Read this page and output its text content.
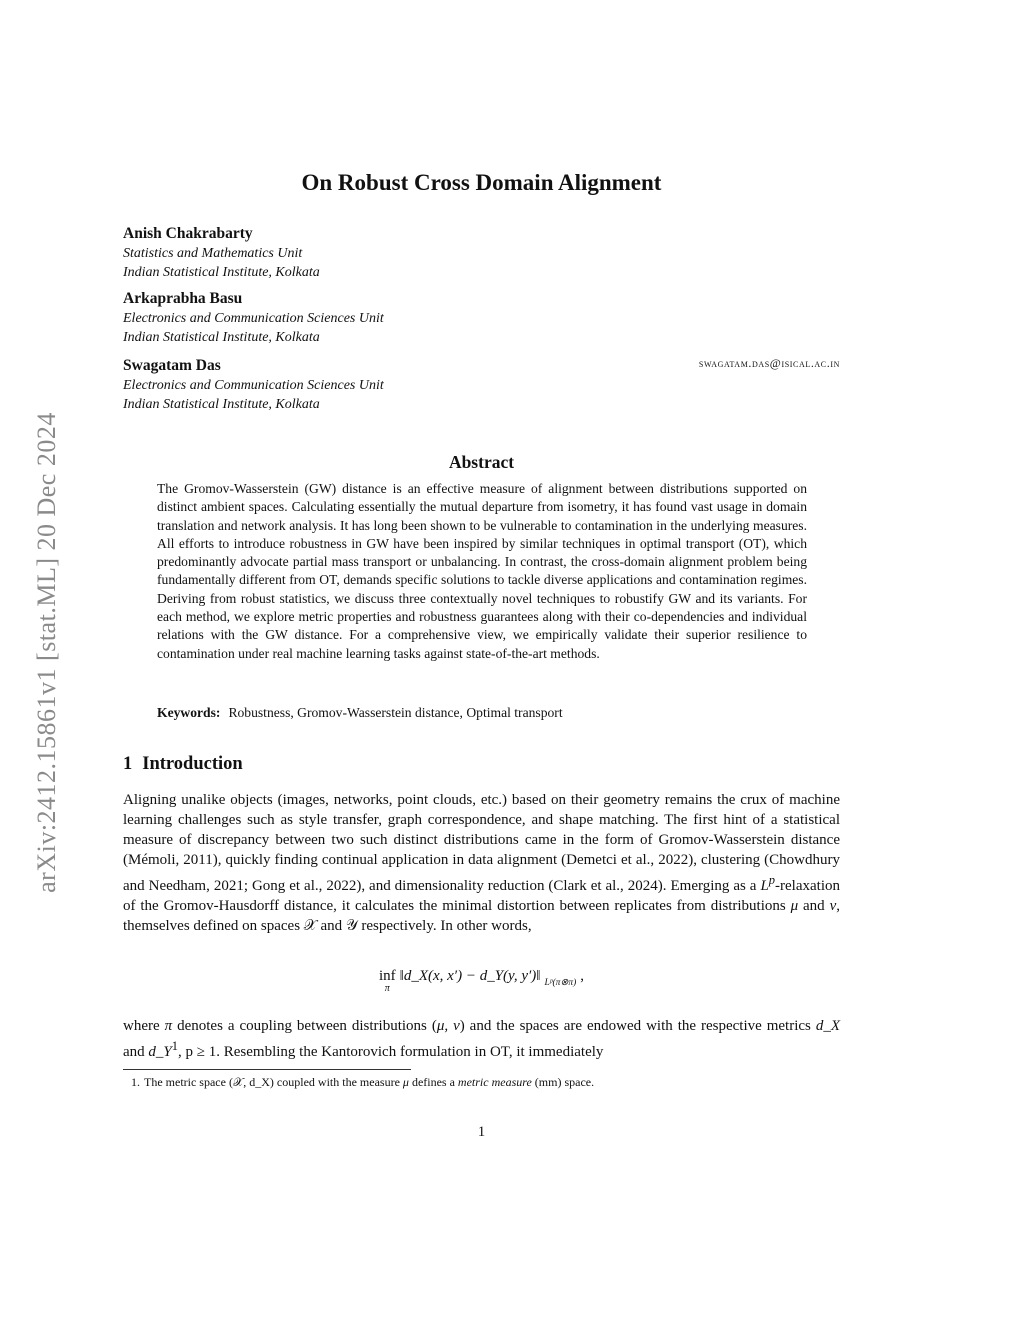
arXiv:2412.15861v1 [stat.ML] 20 Dec 2024
On Robust Cross Domain Alignment
Anish Chakrabarty
Statistics and Mathematics Unit
Indian Statistical Institute, Kolkata
Arkaprabha Basu
Electronics and Communication Sciences Unit
Indian Statistical Institute, Kolkata
Swagatam Das
Electronics and Communication Sciences Unit
Indian Statistical Institute, Kolkata
swagatam.das@isical.ac.in
Abstract

The Gromov-Wasserstein (GW) distance is an effective measure of alignment between distributions supported on distinct ambient spaces. Calculating essentially the mutual departure from isometry, it has found vast usage in domain translation and network analysis. It has long been shown to be vulnerable to contamination in the underlying measures. All efforts to introduce robustness in GW have been inspired by similar techniques in optimal transport (OT), which predominantly advocate partial mass transport or unbalancing. In contrast, the cross-domain alignment problem being fundamentally different from OT, demands specific solutions to tackle diverse applications and contamination regimes. Deriving from robust statistics, we discuss three contextually novel techniques to robustify GW and its variants. For each method, we explore metric properties and robustness guarantees along with their co-dependencies and individual relations with the GW distance. For a comprehensive view, we empirically validate their superior resilience to contamination under real machine learning tasks against state-of-the-art methods.

Keywords: Robustness, Gromov-Wasserstein distance, Optimal transport
1 Introduction

Aligning unalike objects (images, networks, point clouds, etc.) based on their geometry remains the crux of machine learning challenges such as style transfer, graph correspondence, and shape matching. The first hint of a statistical measure of discrepancy between two such distinct distributions came in the form of Gromov-Wasserstein distance (Mémoli, 2011), quickly finding continual application in data alignment (Demetci et al., 2022), clustering (Chowdhury and Needham, 2021; Gong et al., 2022), and dimensionality reduction (Clark et al., 2024). Emerging as a $L^p$-relaxation of the Gromov-Hausdorff distance, it calculates the minimal distortion between replicates from distributions μ and ν, themselves defined on spaces 𝒳 and 𝒴 respectively. In other words,

inf
π
‖d_X(x, x′) − d_Y(y, y′)‖ Lᵖ(π⊗π) ,

where π denotes a coupling between distributions (μ, ν) and the spaces are endowed with the respective metrics d_X and $d\_Y^1$, p ≥ 1. Resembling the Kantorovich formulation in OT, it immediately

1. The metric space (𝒳, d_X) coupled with the measure μ defines a metric measure (mm) space.

1
